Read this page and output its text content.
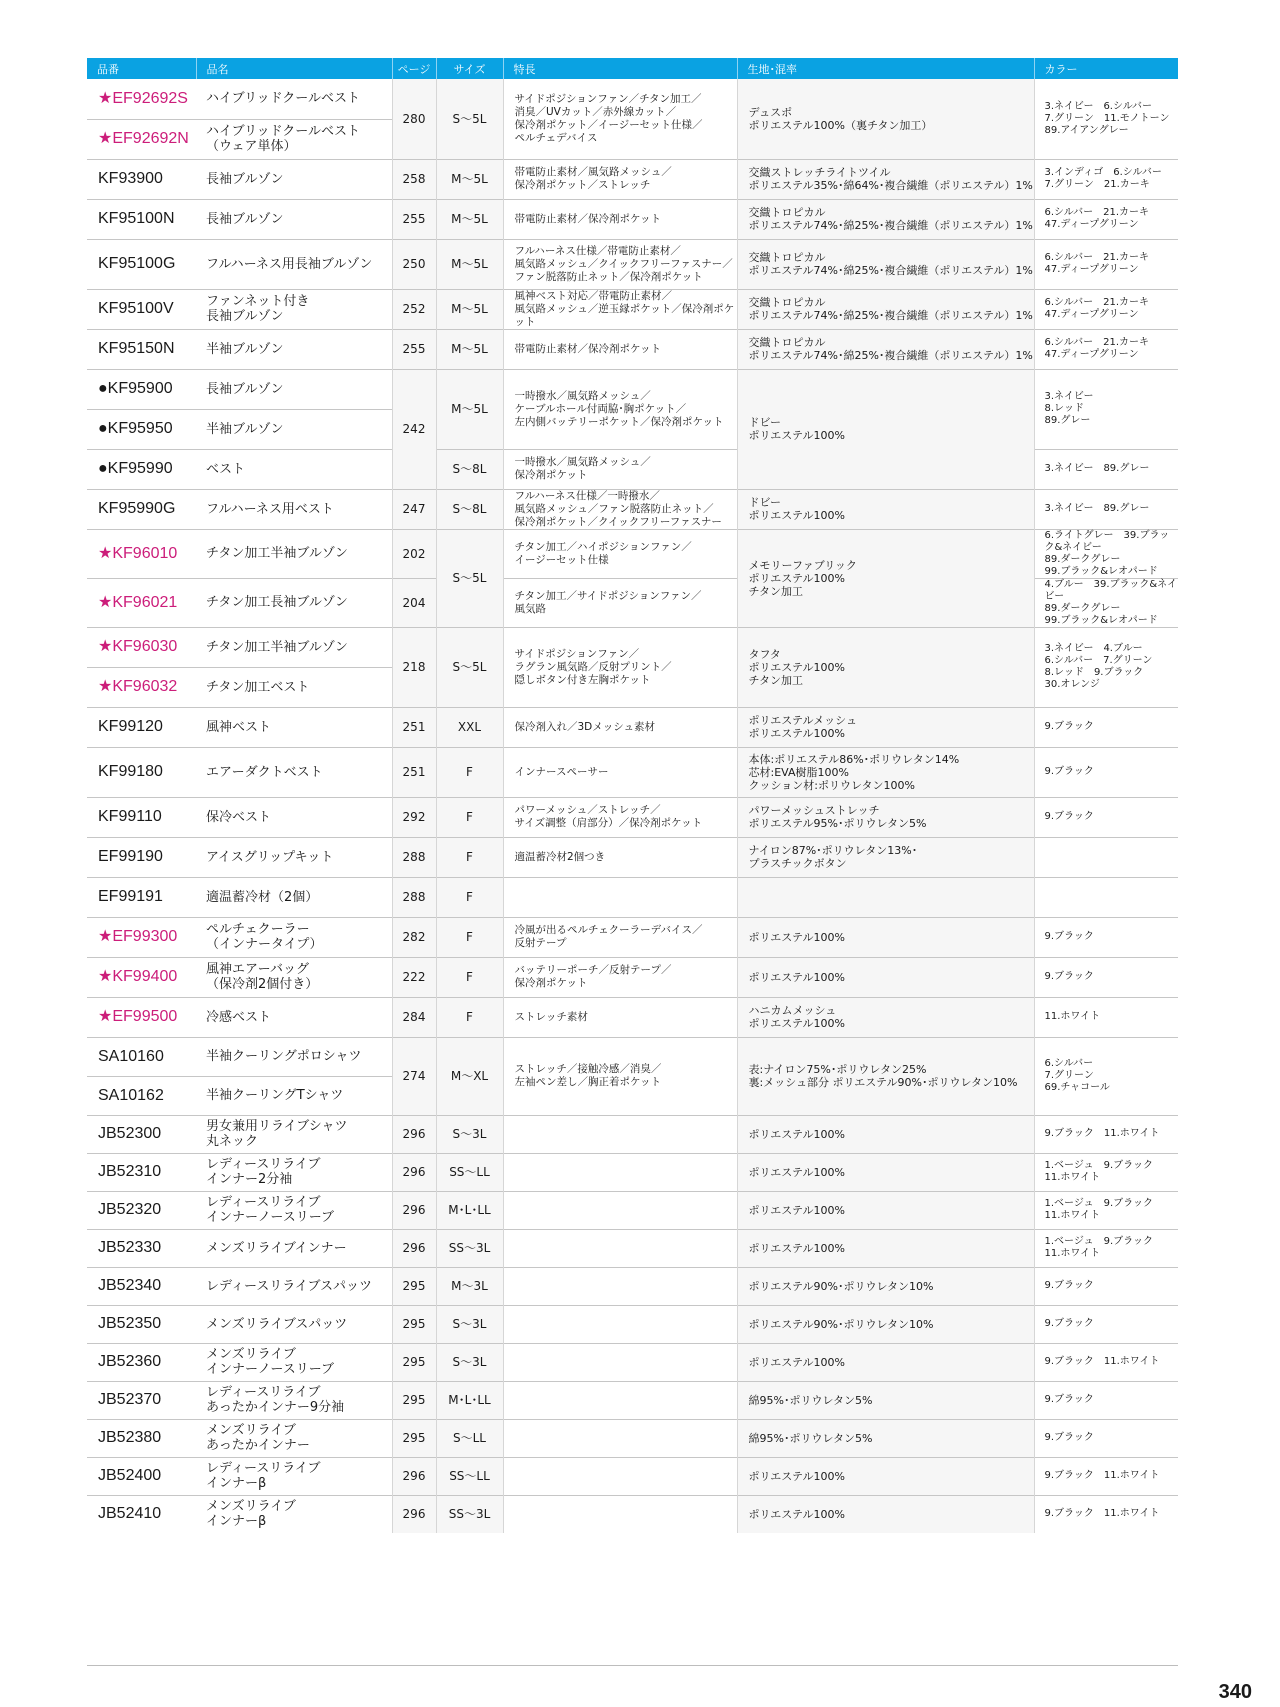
品番	品名	ページ	サイズ	特長	生地･混率	カラー	
★EF92692S	ハイブリッドクールベスト	280	S～5L	サイドポジションファン／チタン加工／
消臭／UVカット／赤外線カット／
保冷剤ポケット／イージーセット仕様／
ペルチェデバイス	デュスポ
ポリエステル100%（裏チタン加工）	3.ネイビー　6.シルバー
7.グリーン　11.モノトーン
89.アイアングレー	
★EF92692N	ハイブリッドクールベスト
（ウェア単体）						
KF93900	長袖ブルゾン	258	M～5L	帯電防止素材／風気路メッシュ／
保冷剤ポケット／ストレッチ	交織ストレッチライトツイル
ポリエステル35%･綿64%･複合繊維（ポリエステル）1%	3.インディゴ　6.シルバー
7.グリーン　21.カーキ	
KF95100N	長袖ブルゾン	255	M～5L	帯電防止素材／保冷剤ポケット	交織トロピカル
ポリエステル74%･綿25%･複合繊維（ポリエステル）1%	6.シルバー　21.カーキ
47.ディープグリーン	
KF95100G	フルハーネス用長袖ブルゾン	250	M～5L	フルハーネス仕様／帯電防止素材／
風気路メッシュ／クイックフリーファスナー／
ファン脱落防止ネット／保冷剤ポケット	交織トロピカル
ポリエステル74%･綿25%･複合繊維（ポリエステル）1%	6.シルバー　21.カーキ
47.ディープグリーン	
KF95100V	ファンネット付き
長袖ブルゾン	252	M～5L	風神ベスト対応／帯電防止素材／
風気路メッシュ／逆玉縁ポケット／保冷剤ポケット	交織トロピカル
ポリエステル74%･綿25%･複合繊維（ポリエステル）1%	6.シルバー　21.カーキ
47.ディープグリーン	
KF95150N	半袖ブルゾン	255	M～5L	帯電防止素材／保冷剤ポケット	交織トロピカル
ポリエステル74%･綿25%･複合繊維（ポリエステル）1%	6.シルバー　21.カーキ
47.ディープグリーン	
●KF95900	長袖ブルゾン	242	M～5L	一時撥水／風気路メッシュ／
ケーブルホール付両脇･胸ポケット／
左内側バッテリーポケット／保冷剤ポケット	ドビー
ポリエステル100%	3.ネイビー
8.レッド
89.グレー	
●KF95950	半袖ブルゾン						
●KF95990	ベスト		S～8L	一時撥水／風気路メッシュ／
保冷剤ポケット		3.ネイビー　89.グレー	
KF95990G	フルハーネス用ベスト	247	S～8L	フルハーネス仕様／一時撥水／
風気路メッシュ／ファン脱落防止ネット／
保冷剤ポケット／クイックフリーファスナー	ドビー
ポリエステル100%	3.ネイビー　89.グレー	
★KF96010	チタン加工半袖ブルゾン	202	S～5L	チタン加工／ハイポジションファン／
イージーセット仕様	メモリーファブリック
ポリエステル100%
チタン加工	6.ライトグレー　39.ブラック&ネイビー
89.ダークグレー
99.ブラック&レオパード	
★KF96021	チタン加工長袖ブルゾン	204		チタン加工／サイドポジションファン／
風気路		4.ブルー　39.ブラック&ネイビー
89.ダークグレー
99.ブラック&レオパード	
★KF96030	チタン加工半袖ブルゾン	218	S～5L	サイドポジションファン／
ラグラン風気路／反射プリント／
隠しボタン付き左胸ポケット	タフタ
ポリエステル100%
チタン加工	3.ネイビー　4.ブルー
6.シルバー　7.グリーン
8.レッド　9.ブラック
30.オレンジ	
★KF96032	チタン加工ベスト						
KF99120	風神ベスト	251	XXL	保冷剤入れ／3Dメッシュ素材	ポリエステルメッシュ
ポリエステル100%	9.ブラック	
KF99180	エアーダクトベスト	251	F	インナースペーサー	本体:ポリエステル86%･ポリウレタン14%
芯材:EVA樹脂100%
クッション材:ポリウレタン100%	9.ブラック	
KF99110	保冷ベスト	292	F	パワーメッシュ／ストレッチ／
サイズ調整（肩部分）／保冷剤ポケット	パワーメッシュストレッチ
ポリエステル95%･ポリウレタン5%	9.ブラック	
EF99190	アイスグリップキット	288	F	適温蓄冷材2個つき	ナイロン87%･ポリウレタン13%･
プラスチックボタン		
EF99191	適温蓄冷材（2個）	288	F				
★EF99300	ペルチェクーラー
（インナータイプ）	282	F	冷風が出るペルチェクーラーデバイス／
反射テープ	ポリエステル100%	9.ブラック	
★KF99400	風神エアーバッグ
（保冷剤2個付き）	222	F	バッテリーポーチ／反射テープ／
保冷剤ポケット	ポリエステル100%	9.ブラック	
★EF99500	冷感ベスト	284	F	ストレッチ素材	ハニカムメッシュ
ポリエステル100%	11.ホワイト	
SA10160	半袖クーリングポロシャツ	274	M～XL	ストレッチ／接触冷感／消臭／
左袖ペン差し／胸正着ポケット	表:ナイロン75%･ポリウレタン25%
裏:メッシュ部分 ポリエステル90%･ポリウレタン10%	6.シルバー
7.グリーン
69.チャコール	
SA10162	半袖クーリングTシャツ						
JB52300	男女兼用リライブシャツ
丸ネック	296	S～3L		ポリエステル100%	9.ブラック　11.ホワイト	
JB52310	レディースリライブ
インナー2分袖	296	SS～LL		ポリエステル100%	1.ベージュ　9.ブラック
11.ホワイト	
JB52320	レディースリライブ
インナーノースリーブ	296	M･L･LL		ポリエステル100%	1.ベージュ　9.ブラック
11.ホワイト	
JB52330	メンズリライブインナー	296	SS～3L		ポリエステル100%	1.ベージュ　9.ブラック
11.ホワイト	
JB52340	レディースリライブスパッツ	295	M～3L		ポリエステル90%･ポリウレタン10%	9.ブラック	
JB52350	メンズリライブスパッツ	295	S～3L		ポリエステル90%･ポリウレタン10%	9.ブラック	
JB52360	メンズリライブ
インナーノースリーブ	295	S～3L		ポリエステル100%	9.ブラック　11.ホワイト	
JB52370	レディースリライブ
あったかインナー9分袖	295	M･L･LL		綿95%･ポリウレタン5%	9.ブラック	
JB52380	メンズリライブ
あったかインナー	295	S～LL		綿95%･ポリウレタン5%	9.ブラック	
JB52400	レディースリライブ
インナーβ	296	SS～LL		ポリエステル100%	9.ブラック　11.ホワイト	
JB52410	メンズリライブ
インナーβ	296	SS～3L		ポリエステル100%	9.ブラック　11.ホワイト	
340
